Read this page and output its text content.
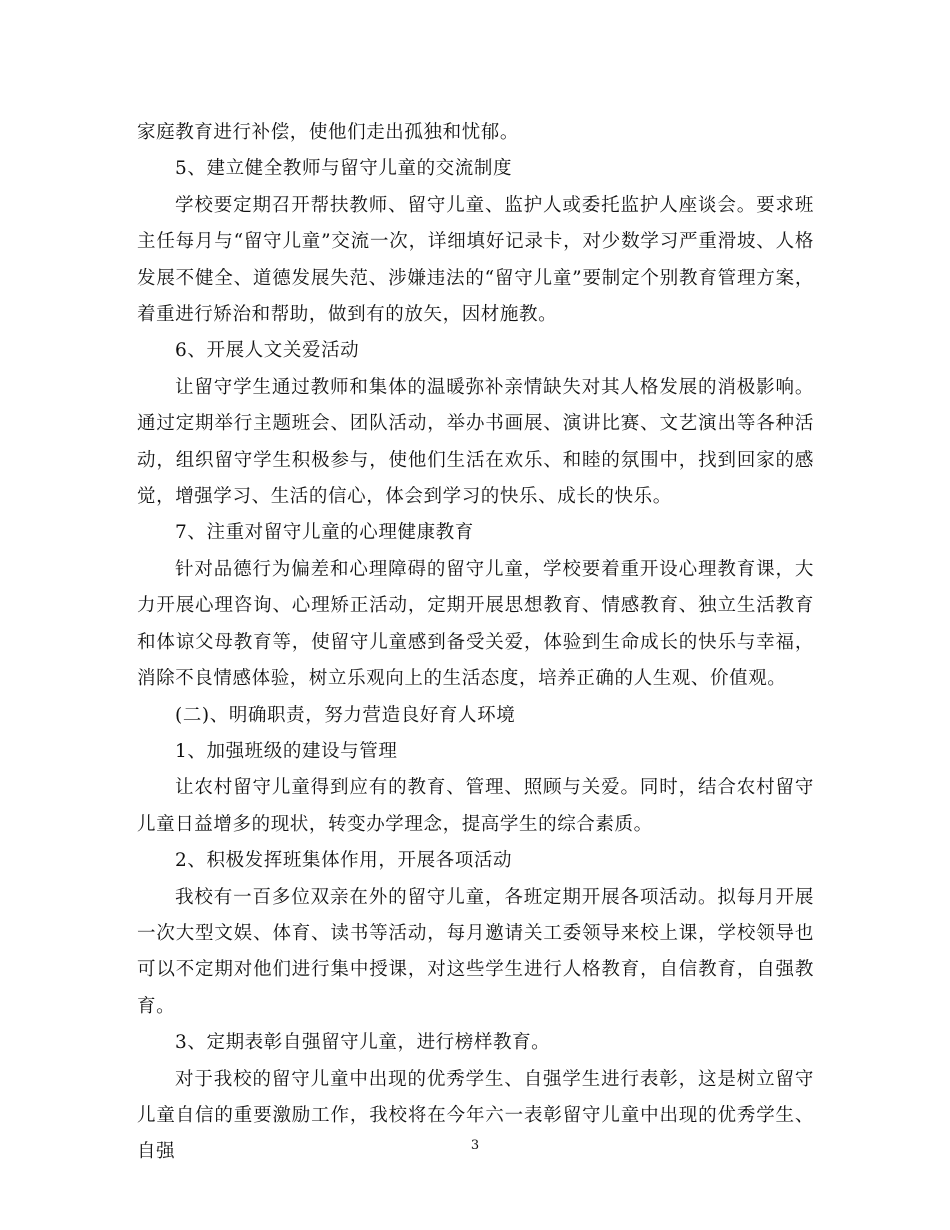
家庭教育进行补偿，使他们走出孤独和忧郁。

5、建立健全教师与留守儿童的交流制度

学校要定期召开帮扶教师、留守儿童、监护人或委托监护人座谈会。要求班主任每月与“留守儿童”交流一次，详细填好记录卡，对少数学习严重滑坡、人格发展不健全、道德发展失范、涉嫌违法的“留守儿童”要制定个别教育管理方案，着重进行矫治和帮助，做到有的放矢，因材施教。

6、开展人文关爱活动

让留守学生通过教师和集体的温暖弥补亲情缺失对其人格发展的消极影响。通过定期举行主题班会、团队活动，举办书画展、演讲比赛、文艺演出等各种活动，组织留守学生积极参与，使他们生活在欢乐、和睦的氛围中，找到回家的感觉，增强学习、生活的信心，体会到学习的快乐、成长的快乐。

7、注重对留守儿童的心理健康教育

针对品德行为偏差和心理障碍的留守儿童，学校要着重开设心理教育课，大力开展心理咨询、心理矫正活动，定期开展思想教育、情感教育、独立生活教育和体谅父母教育等，使留守儿童感到备受关爱，体验到生命成长的快乐与幸福，消除不良情感体验，树立乐观向上的生活态度，培养正确的人生观、价值观。

(二)、明确职责，努力营造良好育人环境

1、加强班级的建设与管理

让农村留守儿童得到应有的教育、管理、照顾与关爱。同时，结合农村留守儿童日益增多的现状，转变办学理念，提高学生的综合素质。

2、积极发挥班集体作用，开展各项活动

我校有一百多位双亲在外的留守儿童，各班定期开展各项活动。拟每月开展一次大型文娱、体育、读书等活动，每月邀请关工委领导来校上课，学校领导也可以不定期对他们进行集中授课，对这些学生进行人格教育，自信教育，自强教育。

3、定期表彰自强留守儿童，进行榜样教育。

对于我校的留守儿童中出现的优秀学生、自强学生进行表彰，这是树立留守儿童自信的重要激励工作，我校将在今年六一表彰留守儿童中出现的优秀学生、自强	3
